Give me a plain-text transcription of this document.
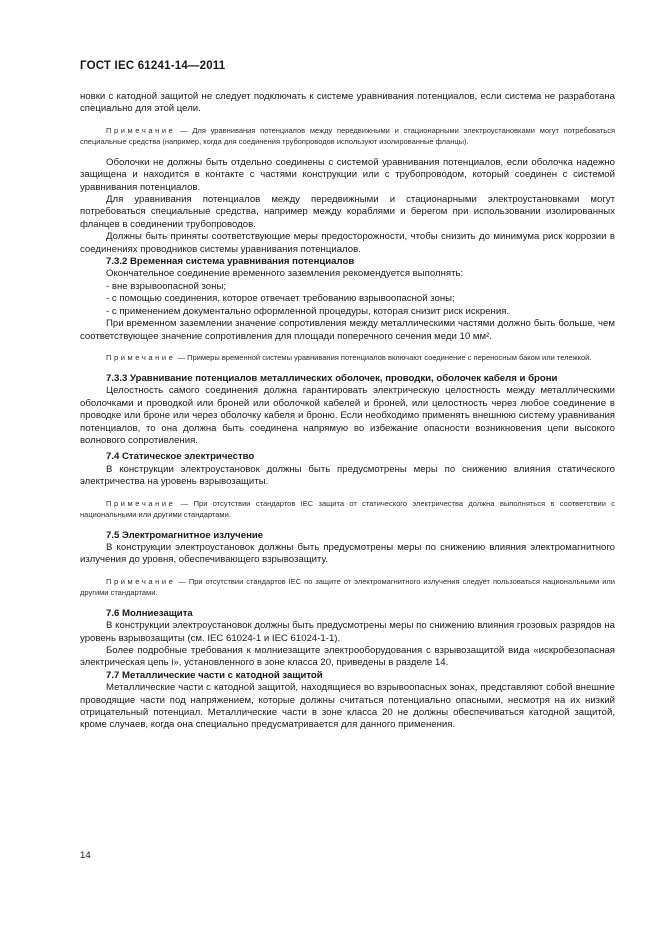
ГОСТ IEC 61241-14—2011

новки с катодной защитой не следует подключать к системе уравнивания потенциалов, если система не разработана специально для этой цели.

Примечание — Для уравнивания потенциалов между передвижными и стационарными электроустановками могут потребоваться специальные средства (например, когда для соединения трубопроводов используют изолированные фланцы).

Оболочки не должны быть отдельно соединены с системой уравнивания потенциалов, если оболочка надежно защищена и находится в контакте с частями конструкции или с трубопроводом, который соединен с системой уравнивания потенциалов.

Для уравнивания потенциалов между передвижными и стационарными электроустановками могут потребоваться специальные средства, например между кораблями и берегом при использовании изолированных фланцев в соединении трубопроводов.

Должны быть приняты соответствующие меры предосторожности, чтобы снизить до минимума риск коррозии в соединениях проводников системы уравнивания потенциалов.

7.3.2 Временная система уравнивания потенциалов

Окончательное соединение временного заземления рекомендуется выполнять:

- вне взрывоопасной зоны;

- с помощью соединения, которое отвечает требованию взрывоопасной зоны;

- с применением документально оформленной процедуры, которая снизит риск искрения.

При временном заземлении значение сопротивления между металлическими частями должно быть больше, чем соответствующее значение сопротивления для площади поперечного сечения меди 10 мм².

Примечание — Примеры временной системы уравнивания потенциалов включают соединение с переносным баком или тележкой.

7.3.3 Уравнивание потенциалов металлических оболочек, проводки, оболочек кабеля и брони

Целостность самого соединения должна гарантировать электрическую целостность между металлическими оболочками и проводкой или броней или оболочкой кабелей и броней, или целостность через любое соединение в проводке или броне или через оболочку кабеля и броню. Если необходимо применять внешнюю систему уравнивания потенциалов, то она должна быть соединена напрямую во избежание опасности возникновения цепи высокого волнового сопротивления.

7.4 Статическое электричество

В конструкции электроустановок должны быть предусмотрены меры по снижению влияния статического электричества на уровень взрывозащиты.

Примечание — При отсутствии стандартов IEC защита от статического электричества должна выполняться в соответствии с национальными или другими стандартами.

7.5 Электромагнитное излучение

В конструкции электроустановок должны быть предусмотрены меры по снижению влияния электромагнитного излучения до уровня, обеспечивающего взрывозащиту.

Примечание — При отсутствии стандартов IEC по защите от электромагнитного излучения следует пользоваться национальными или другими стандартами.

7.6 Молниезащита

В конструкции электроустановок должны быть предусмотрены меры по снижению влияния грозовых разрядов на уровень взрывозащиты (см. IEC 61024-1 и IEC 61024-1-1).

Более подробные требования к молниезащите электрооборудования с взрывозащитой вида «искробезопасная электрическая цепь i», установленного в зоне класса 20, приведены в разделе 14.

7.7 Металлические части с катодной защитой

Металлические части с катодной защитой, находящиеся во взрывоопасных зонах, представляют собой внешние проводящие части под напряжением, которые должны считаться потенциально опасными, несмотря на их низкий отрицательный потенциал. Металлические части в зоне класса 20 не должны обеспечиваться катодной защитой, кроме случаев, когда она специально предусматривается для данного применения.

14
